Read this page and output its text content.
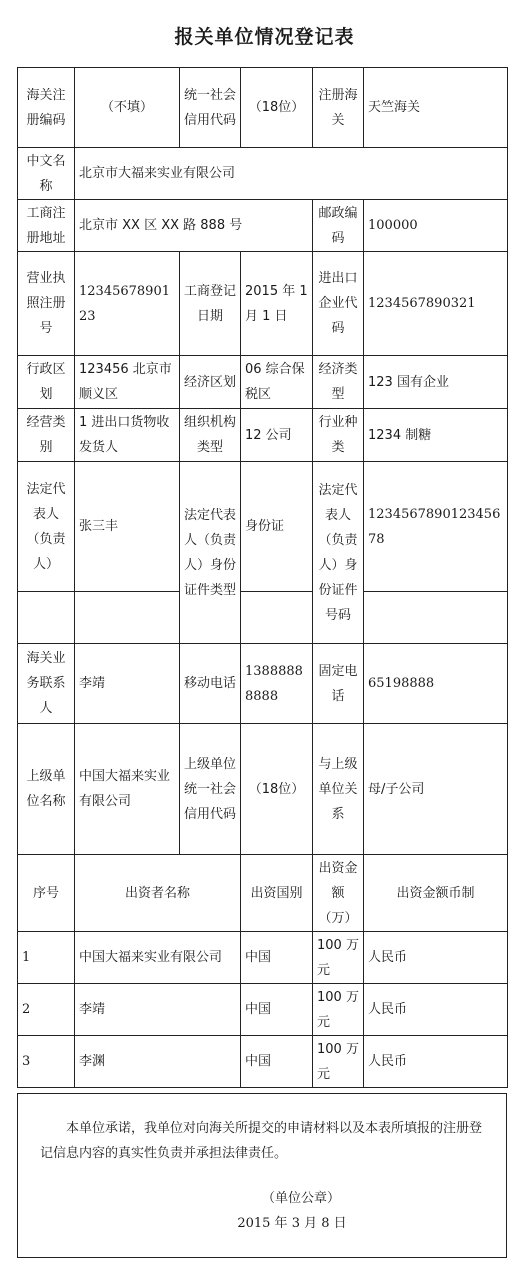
报关单位情况登记表
海关注册编码	（不填）	统一社会信用代码	（18位）	注册海关	天竺海关
中文名称	北京市大福来实业有限公司				
工商注册地址	北京市 XX 区 XX 路 888 号			邮政编码	100000
营业执照注册号	1234567890123	工商登记日期	2015 年 1 月 1 日	进出口企业代码	1234567890321
行政区划	123456 北京市顺义区	经济区划	06 综合保税区	经济类型	123 国有企业
经营类别	1 进出口货物收发货人	组织机构类型	12 公司	行业种类	1234 制糖
法定代表人（负责人）	张三丰	法定代表人（负责人）身份证件类型	身份证	法定代表人（负责人）身份证件号码	123456789012345678

海关业务联系人	李靖	移动电话	13888888888	固定电话	65198888
上级单位名称	中国大福来实业有限公司	上级单位统一社会信用代码	（18位）	与上级单位关系	母/子公司
序号	出资者名称		出资国别	出资金额（万）	出资金额币制
1	中国大福来实业有限公司		中国	100 万元	人民币
2	李靖		中国	100 万元	人民币
3	李渊		中国	100 万元	人民币

本单位承诺，我单位对向海关所提交的申请材料以及本表所填报的注册登记信息内容的真实性负责并承担法律责任。

（单位公章）
2015 年 3 月 8 日
